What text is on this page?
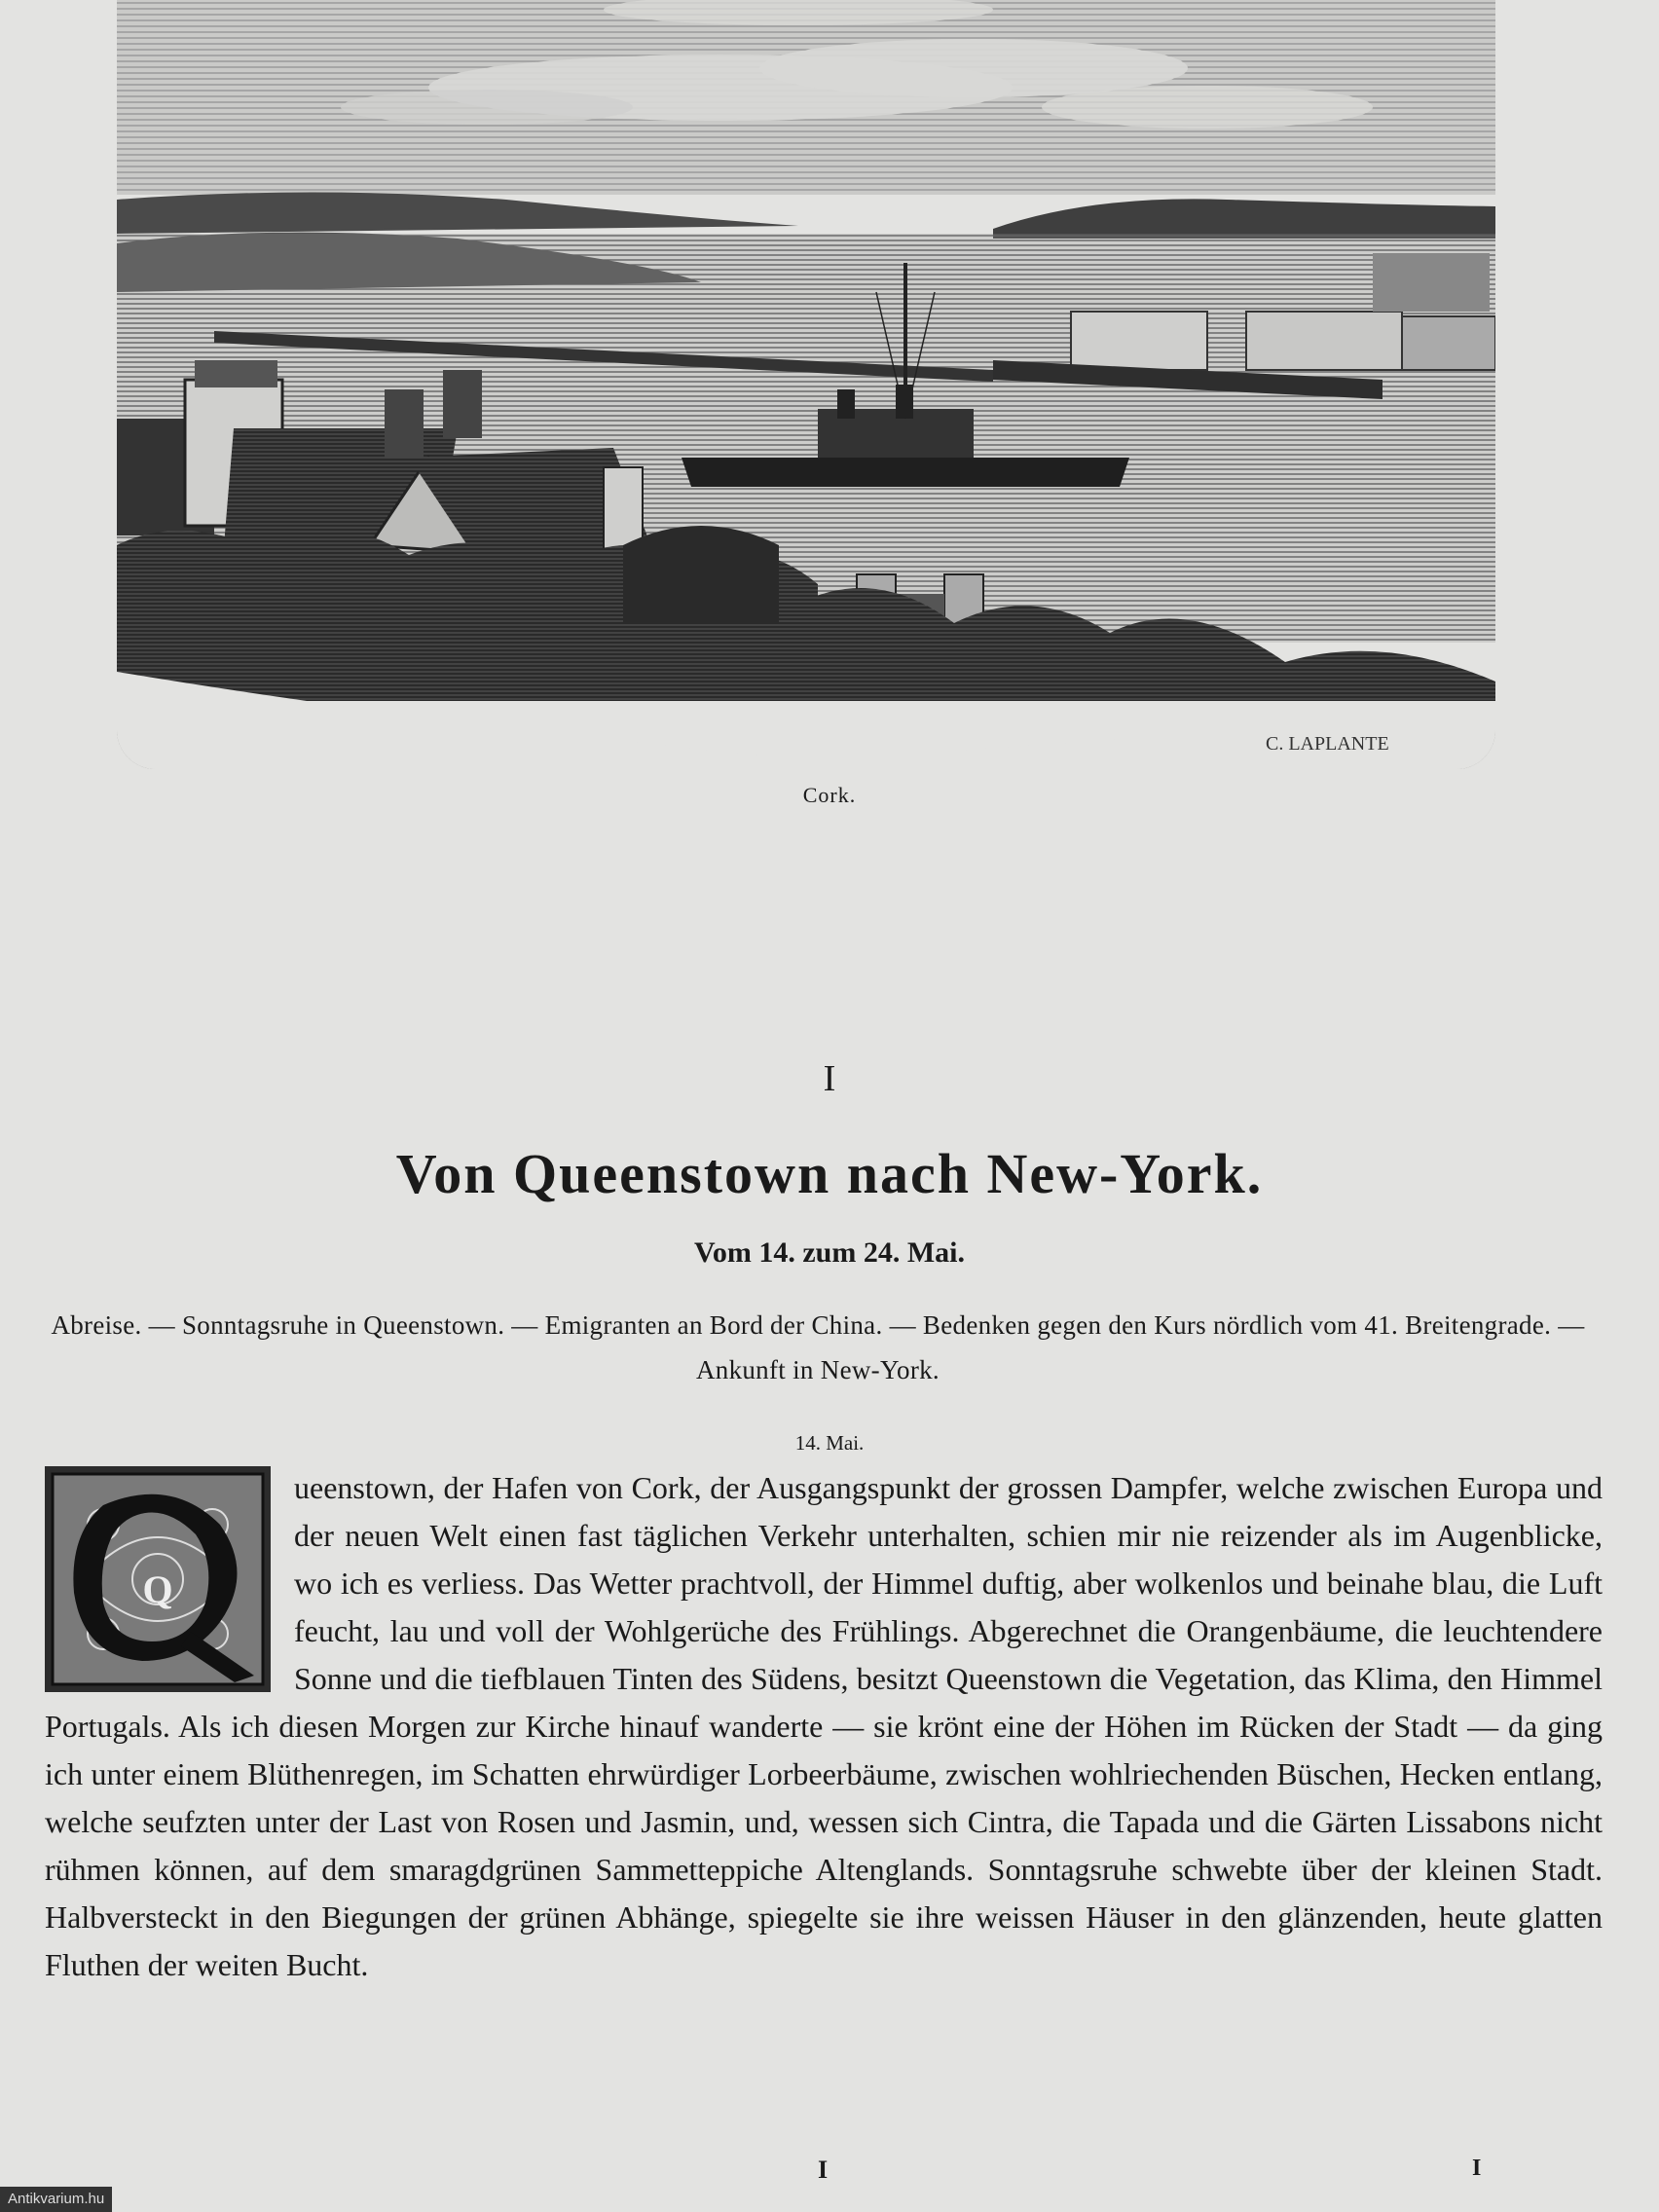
C. LAPLANTE
Cork.
I
Von Queenstown nach New-York.
Vom 14. zum 24. Mai.
Abreise. — Sonntagsruhe in Queenstown. — Emigranten an Bord der China. — Bedenken gegen den Kurs nördlich vom 41. Breitengrade. — Ankunft in New-York.
14. Mai.
Q
ueenstown, der Hafen von Cork, der Ausgangspunkt der grossen Dampfer, welche zwischen Europa und der neuen Welt einen fast täglichen Verkehr unterhalten, schien mir nie reizender als im Augenblicke, wo ich es verliess. Das Wetter prachtvoll, der Himmel duftig, aber wolkenlos und beinahe blau, die Luft feucht, lau und voll der Wohlgerüche des Frühlings. Abgerechnet die Orangenbäume, die leuchtendere Sonne und die tiefblauen Tinten des Südens, besitzt Queenstown die Vegetation, das Klima, den Himmel Portugals. Als ich diesen Morgen zur Kirche hinauf wanderte — sie krönt eine der Höhen im Rücken der Stadt — da ging ich unter einem Blüthenregen, im Schatten ehrwürdiger Lorbeerbäume, zwischen wohlriechenden Büschen, Hecken entlang, welche seufzten unter der Last von Rosen und Jasmin, und, wessen sich Cintra, die Tapada und die Gärten Lissabons nicht rühmen können, auf dem smaragdgrünen Sammetteppiche Altenglands. Sonntagsruhe schwebte über der kleinen Stadt. Halbversteckt in den Biegungen der grünen Abhänge, spiegelte sie ihre weissen Häuser in den glänzenden, heute glatten Fluthen der weiten Bucht.
I	I
Antikvarium.hu
